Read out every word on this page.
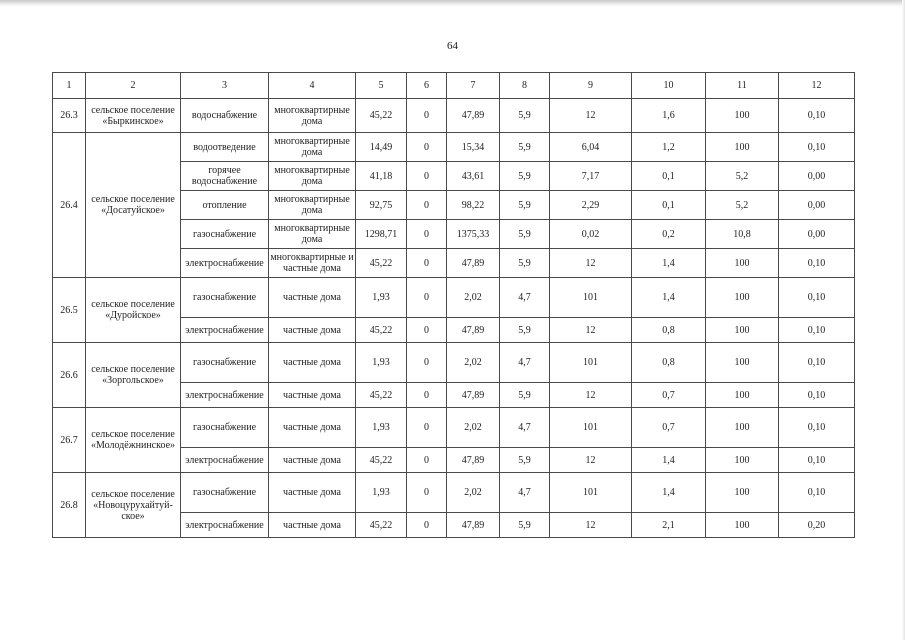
64
1	2	3	4	5	6	7	8	9	10	11	12
26.3	сельское поселение «Быркинское»	водоснабжение	многоквартирные дома	45,22	0	47,89	5,9	12	1,6	100	0,10
26.4	сельское поселение «Досатуйское»	водоотведение	многоквартирные дома	14,49	0	15,34	5,9	6,04	1,2	100	0,10
		горячее водоснабжение	многоквартирные дома	41,18	0	43,61	5,9	7,17	0,1	5,2	0,00
		отопление	многоквартирные дома	92,75	0	98,22	5,9	2,29	0,1	5,2	0,00
		газоснабжение	многоквартирные дома	1298,71	0	1375,33	5,9	0,02	0,2	10,8	0,00
		электроснабжение	многоквартирные и частные дома	45,22	0	47,89	5,9	12	1,4	100	0,10
26.5	сельское поселение «Дуройское»	газоснабжение	частные дома	1,93	0	2,02	4,7	101	1,4	100	0,10
		электроснабжение	частные дома	45,22	0	47,89	5,9	12	0,8	100	0,10
26.6	сельское поселение «Зоргольское»	газоснабжение	частные дома	1,93	0	2,02	4,7	101	0,8	100	0,10
		электроснабжение	частные дома	45,22	0	47,89	5,9	12	0,7	100	0,10
26.7	сельское поселение «Молодёжнинское»	газоснабжение	частные дома	1,93	0	2,02	4,7	101	0,7	100	0,10
		электроснабжение	частные дома	45,22	0	47,89	5,9	12	1,4	100	0,10
26.8	сельское поселение «Новоцурухайтуй-ское»	газоснабжение	частные дома	1,93	0	2,02	4,7	101	1,4	100	0,10
		электроснабжение	частные дома	45,22	0	47,89	5,9	12	2,1	100	0,20
